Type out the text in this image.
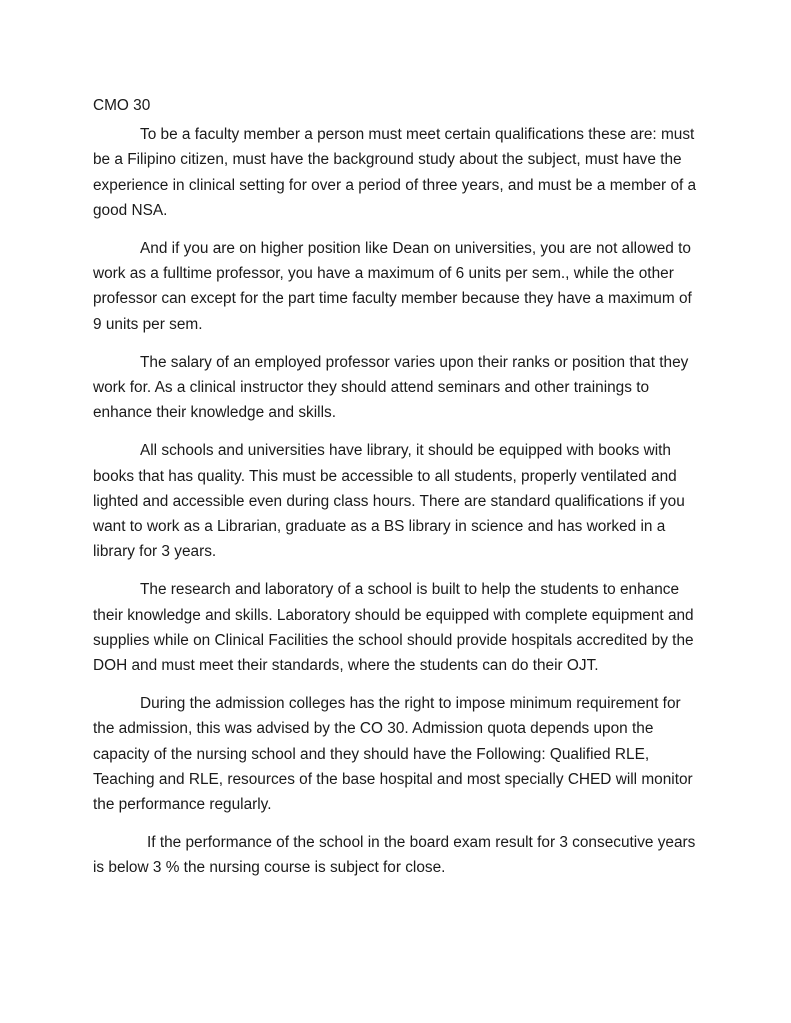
CMO 30

To be a faculty member a person must meet certain qualifications these are: must be a Filipino citizen, must have the background study about the subject, must have the experience in clinical setting for over a period of three years, and must be a member of a good NSA.

And if you are on higher position like Dean on universities, you are not allowed to work as a fulltime professor, you have a maximum of 6 units per sem., while the other professor can except for the part time faculty member because they have a maximum of 9 units per sem.

The salary of an employed professor varies upon their ranks or position that they work for. As a clinical instructor they should attend seminars and other trainings to enhance their knowledge and skills.

All schools and universities have library, it should be equipped with books with books that has quality. This must be accessible to all students, properly ventilated and lighted and accessible even during class hours. There are standard qualifications if you want to work as a Librarian, graduate as a BS library in science and has worked in a library for 3 years.

The research and laboratory of a school is built to help the students to enhance their knowledge and skills. Laboratory should be equipped with complete equipment and supplies while on Clinical Facilities the school should provide hospitals accredited by the DOH and must meet their standards, where the students can do their OJT.

During the admission colleges has the right to impose minimum requirement for the admission, this was advised by the CO 30. Admission quota depends upon the capacity of the nursing school and they should have the Following: Qualified RLE, Teaching and RLE, resources of the base hospital and most specially CHED will monitor the performance regularly.

If the performance of the school in the board exam result for 3 consecutive years is below 3 % the nursing course is subject for close.
